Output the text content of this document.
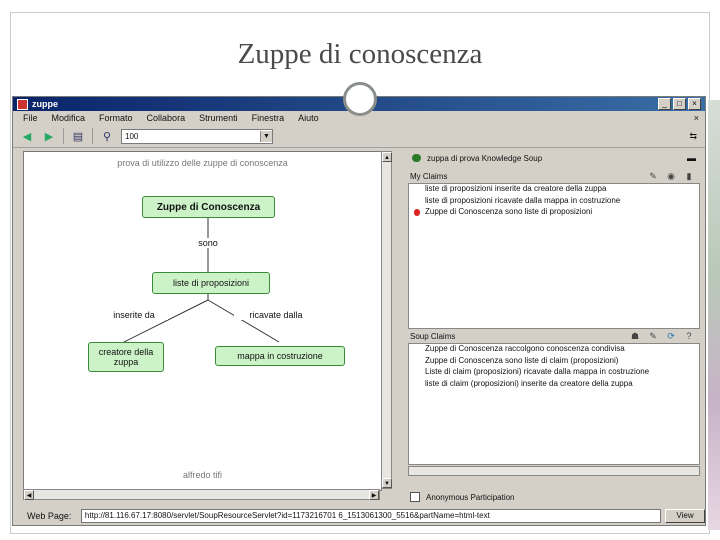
Zuppe di conoscenza
zuppe	_	□	×
File	Modifica	Formato	Collabora	Strumenti	Finestra	Aiuto	×
◀	▶	▤	⚲	100	▼	⇆
prova di utilizzo delle zuppe di conoscenza
Zuppe di Conoscenza
sono
liste di proposizioni
inserite da	ricavate dalla
creatore della zuppa
mappa in costruzione
alfredo tifi
▲
▼
◀	▶
zuppa di prova Knowledge Soup	▬
My Claims	✎ ◉ ▮
liste di proposizioni inserite da creatore della zuppa
liste di proposizioni ricavate dalla mappa in costruzione
Zuppe di Conoscenza sono liste di proposizioni
Soup Claims	☗ ✎ ⟳ ?
Zuppe di Conoscenza raccolgono conoscenza condivisa
Zuppe di Conoscenza sono liste di claim (proposizioni)
Liste di claim (proposizioni) ricavate dalla mappa in costruzione
liste di claim (proposizioni) inserite da creatore della zuppa
Anonymous Participation
Web Page:	http://81.116.67.17:8080/servlet/SoupResourceServlet?id=1173216701 6_1513061300_5516&partName=html-text	View
